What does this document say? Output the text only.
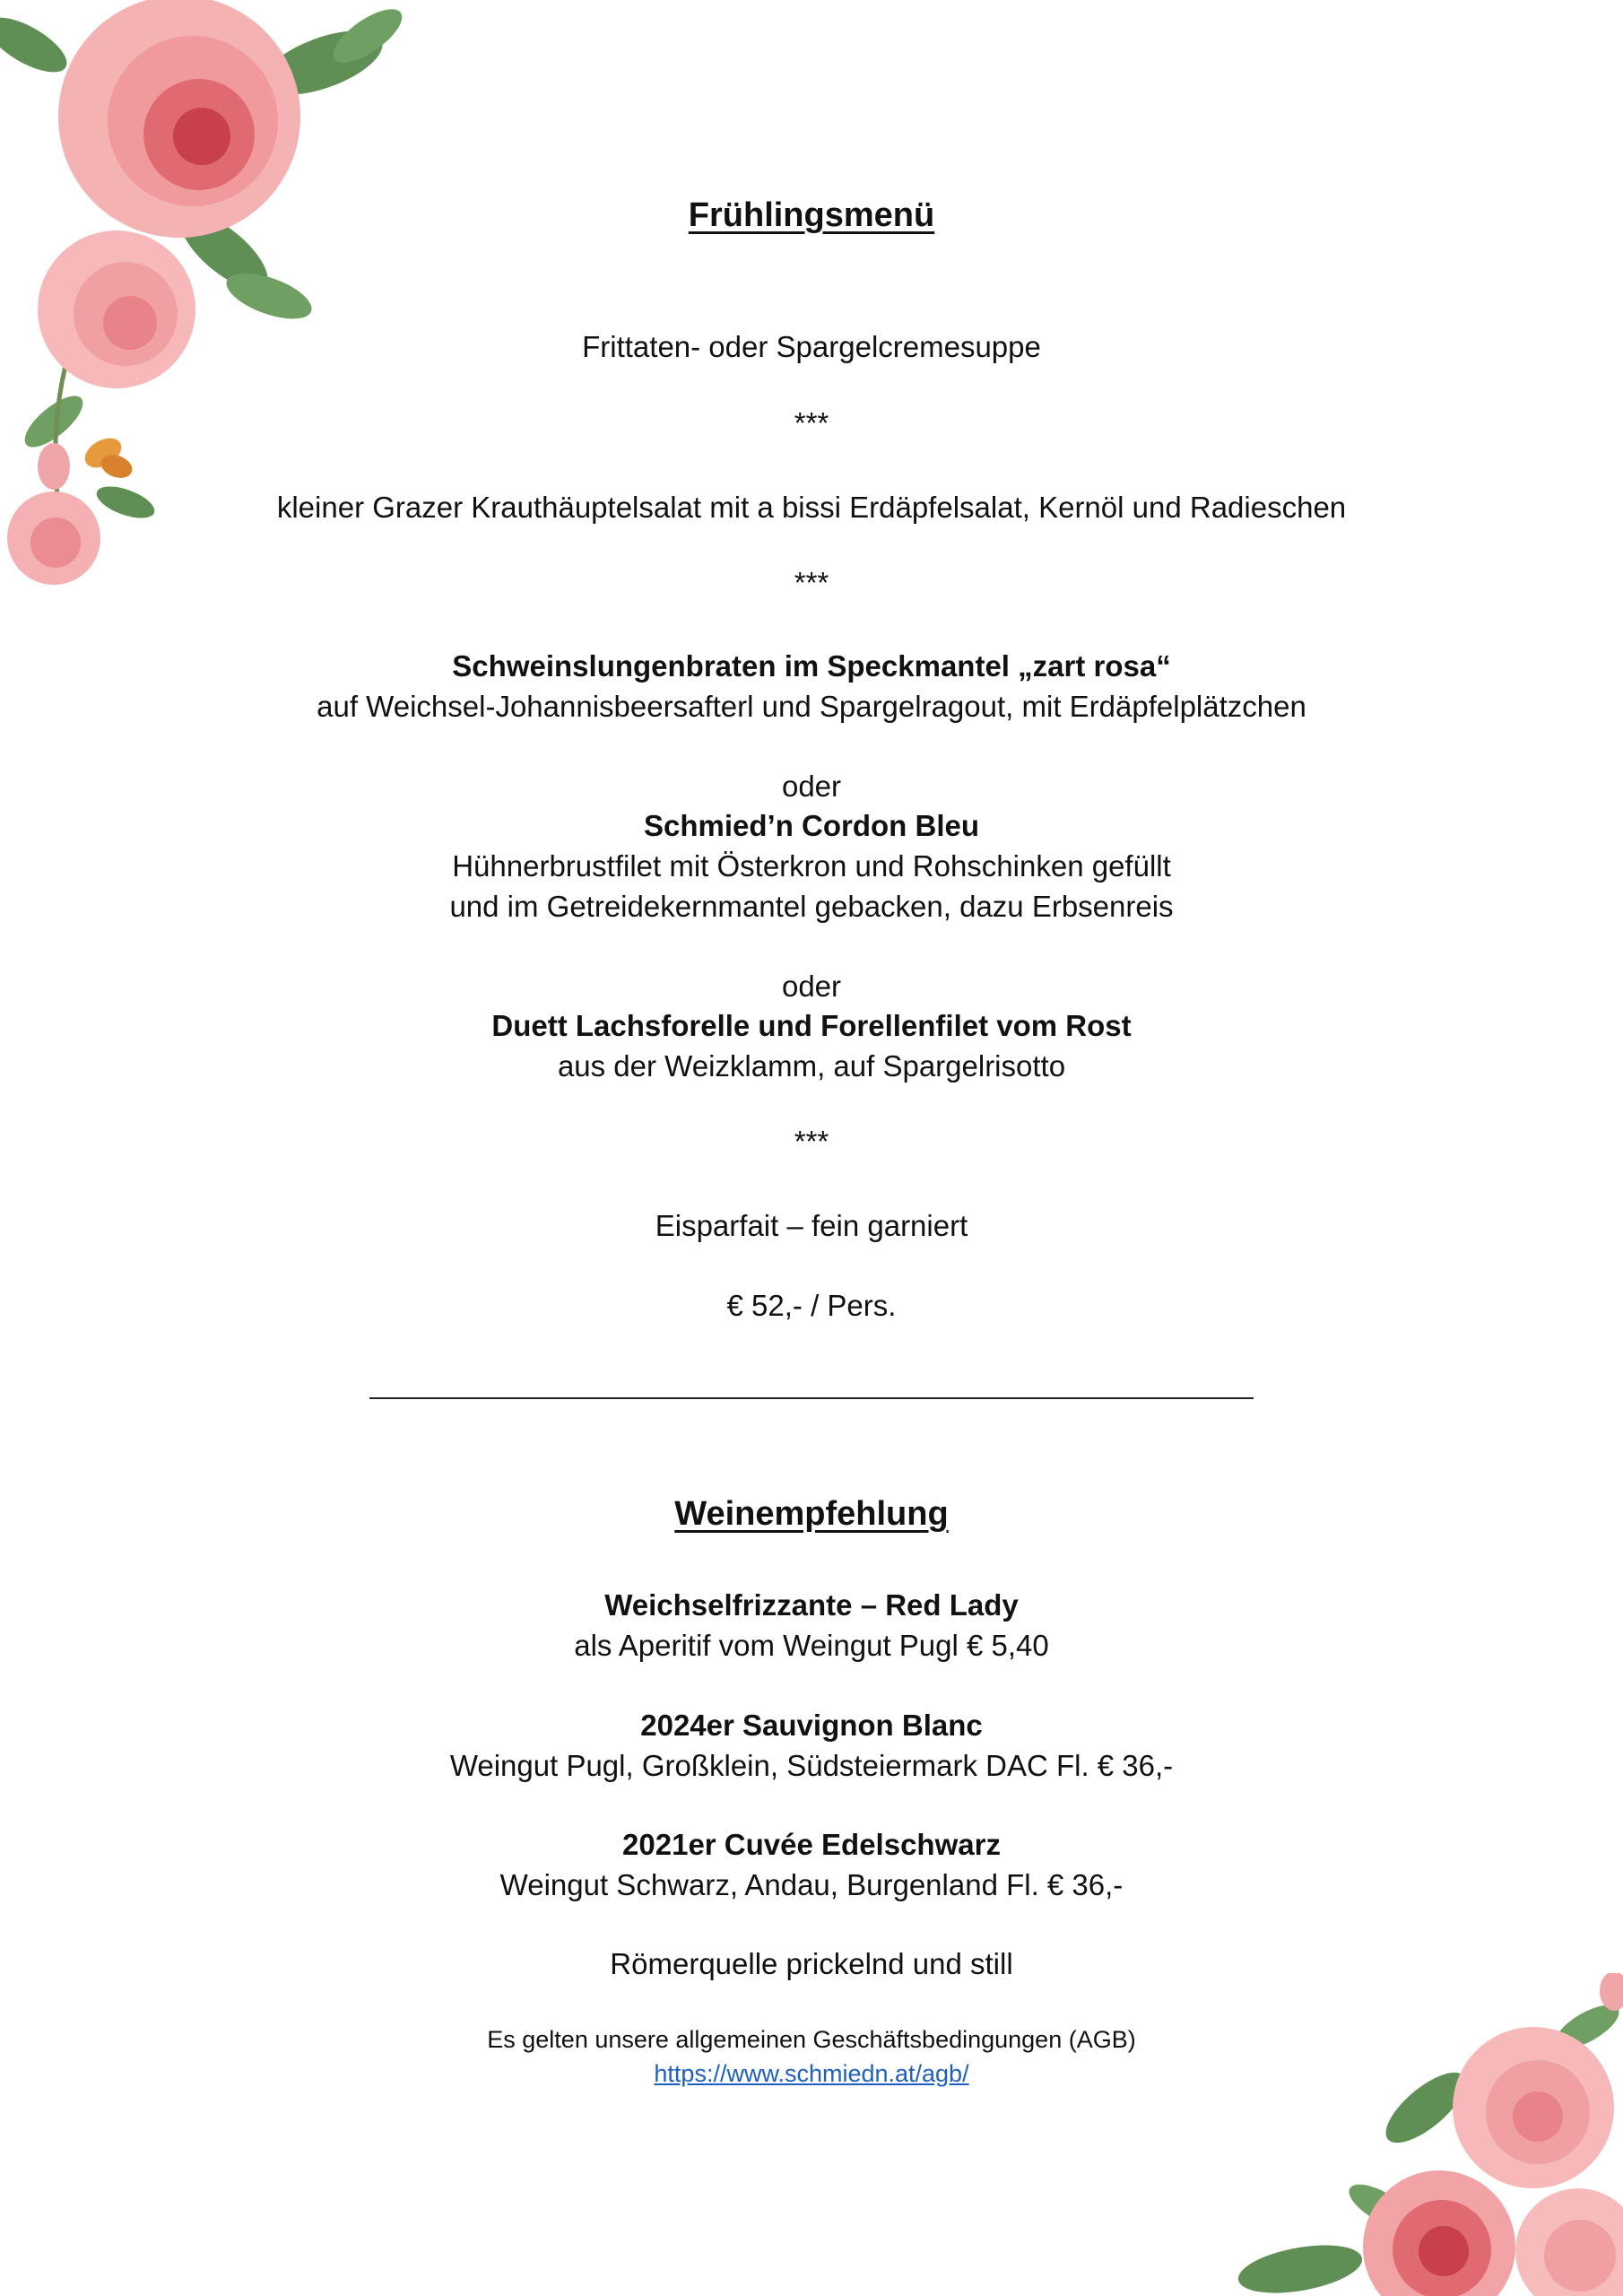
Frühlingsmenü
Frittaten- oder Spargelcremesuppe
***
kleiner Grazer Krauthäuptelsalat mit a bissi Erdäpfelsalat, Kernöl und Radieschen
***
Schweinslungenbraten im Speckmantel „zart rosa“
auf Weichsel-Johannisbeersafterl und Spargelragout, mit Erdäpfelplätzchen
oder
Schmied’n Cordon Bleu
Hühnerbrustfilet mit Österkron und Rohschinken gefüllt
und im Getreidekernmantel gebacken, dazu Erbsenreis
oder
Duett Lachsforelle und Forellenfilet vom Rost
aus der Weizklamm, auf Spargelrisotto
***
Eisparfait – fein garniert
€ 52,- / Pers.
Weinempfehlung
Weichselfrizzante – Red Lady
als Aperitif vom Weingut Pugl € 5,40
2024er Sauvignon Blanc
Weingut Pugl, Großklein, Südsteiermark DAC Fl. € 36,-
2021er Cuvée Edelschwarz
Weingut Schwarz, Andau, Burgenland Fl. € 36,-
Römerquelle prickelnd und still
Es gelten unsere allgemeinen Geschäftsbedingungen (AGB)
https://www.schmiedn.at/agb/
